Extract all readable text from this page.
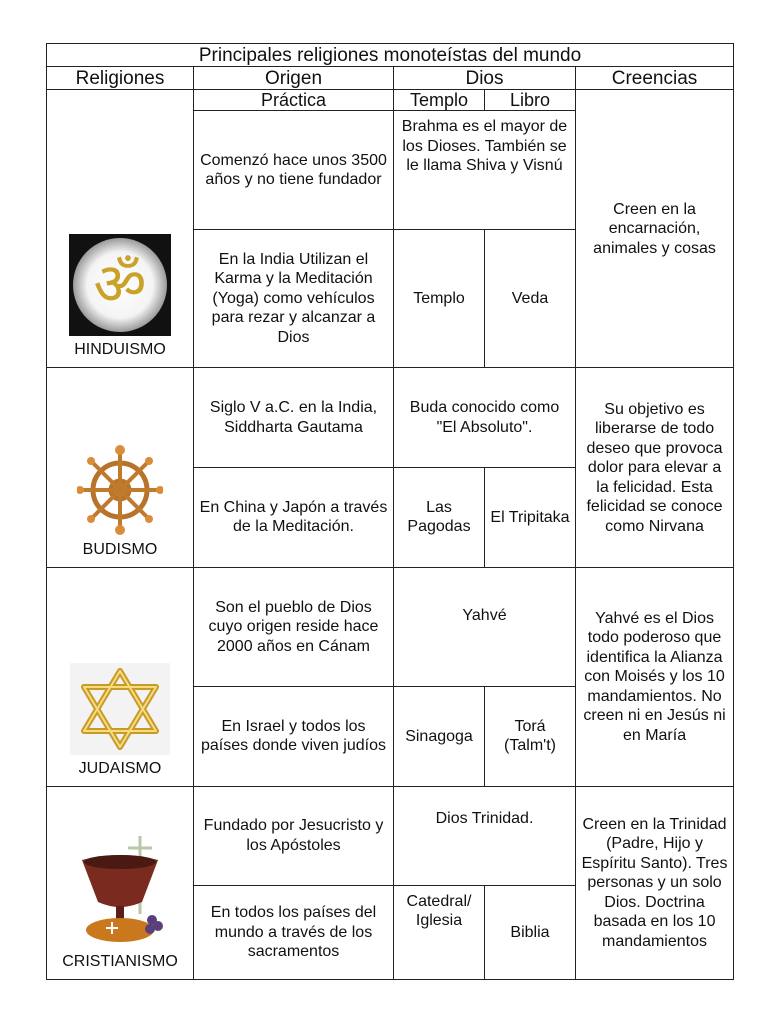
Principales religiones monoteístas del mundo				
Religiones	Origen	Dios		Creencias

ॐ
HINDUISMO	Práctica	Templo	Libro	Creen en la encarnación, animales y cosas
	Comenzó hace unos 3500 años y no tiene fundador	Brahma es el mayor de los Dioses. También se le llama Shiva y Visnú		
	En la India Utilizan el Karma y la Meditación (Yoga) como vehículos para rezar y alcanzar a Dios	Templo	Veda	

BUDISMO	Siglo V a.C. en la India, Siddharta Gautama	Buda conocido como "El Absoluto".		Su objetivo es liberarse de todo deseo que provoca dolor para elevar a la felicidad. Esta felicidad se conoce como Nirvana
	En China y Japón a través de la Meditación.	Las Pagodas	El Tripitaka	

JUDAISMO	Son el pueblo de Dios cuyo origen reside hace 2000 años en Cánam	Yahvé		Yahvé es el Dios todo poderoso que identifica la Alianza con Moisés y los 10 mandamientos. No creen ni en Jesús ni en María
	En Israel y todos los países donde viven judíos	Sinagoga	Torá (Talm't)	

CRISTIANISMO	Fundado por Jesucristo y los Apóstoles	Dios Trinidad.		Creen en la Trinidad (Padre, Hijo y Espíritu Santo). Tres personas y un solo Dios. Doctrina basada en los 10 mandamientos
	En todos los países del mundo a través de los sacramentos	Catedral/ Iglesia	Biblia	
